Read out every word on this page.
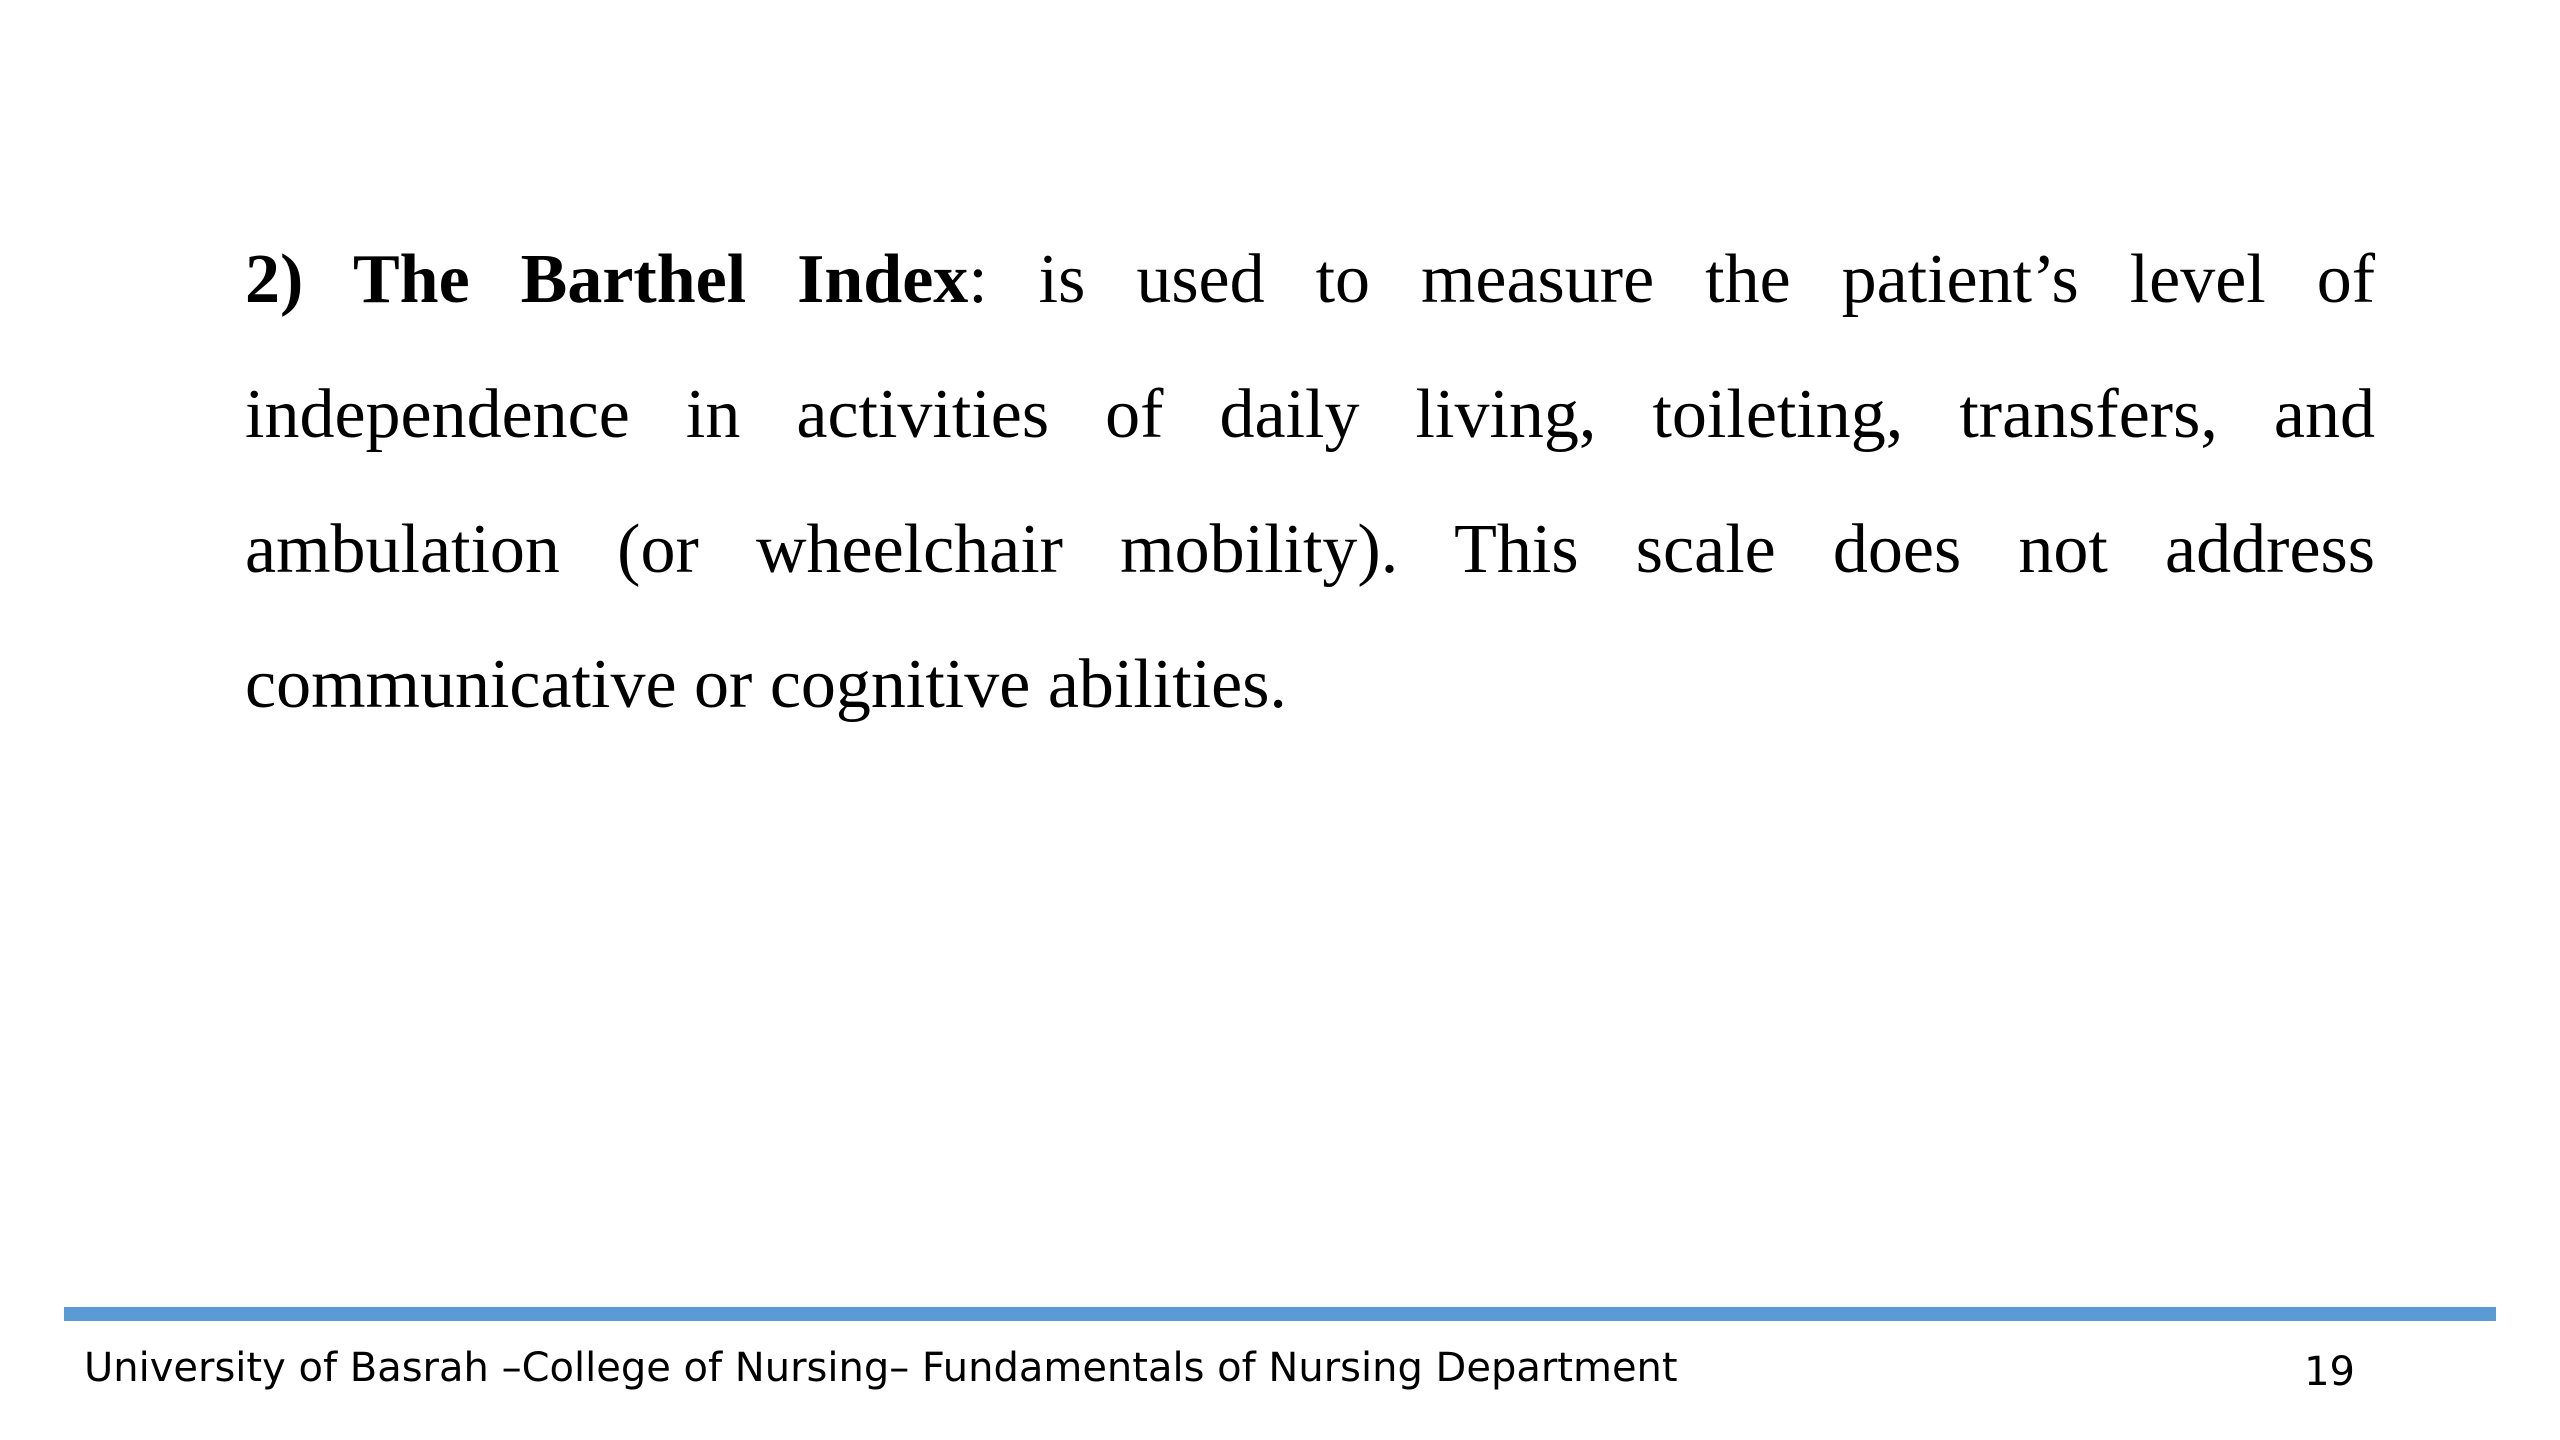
2) The Barthel Index: is used to measure the patient’s level of independence in activities of daily living, toileting, transfers, and ambulation (or wheelchair mobility). This scale does not address communicative or cognitive abilities.

University of Basrah –College of Nursing– Fundamentals of Nursing Department	19
